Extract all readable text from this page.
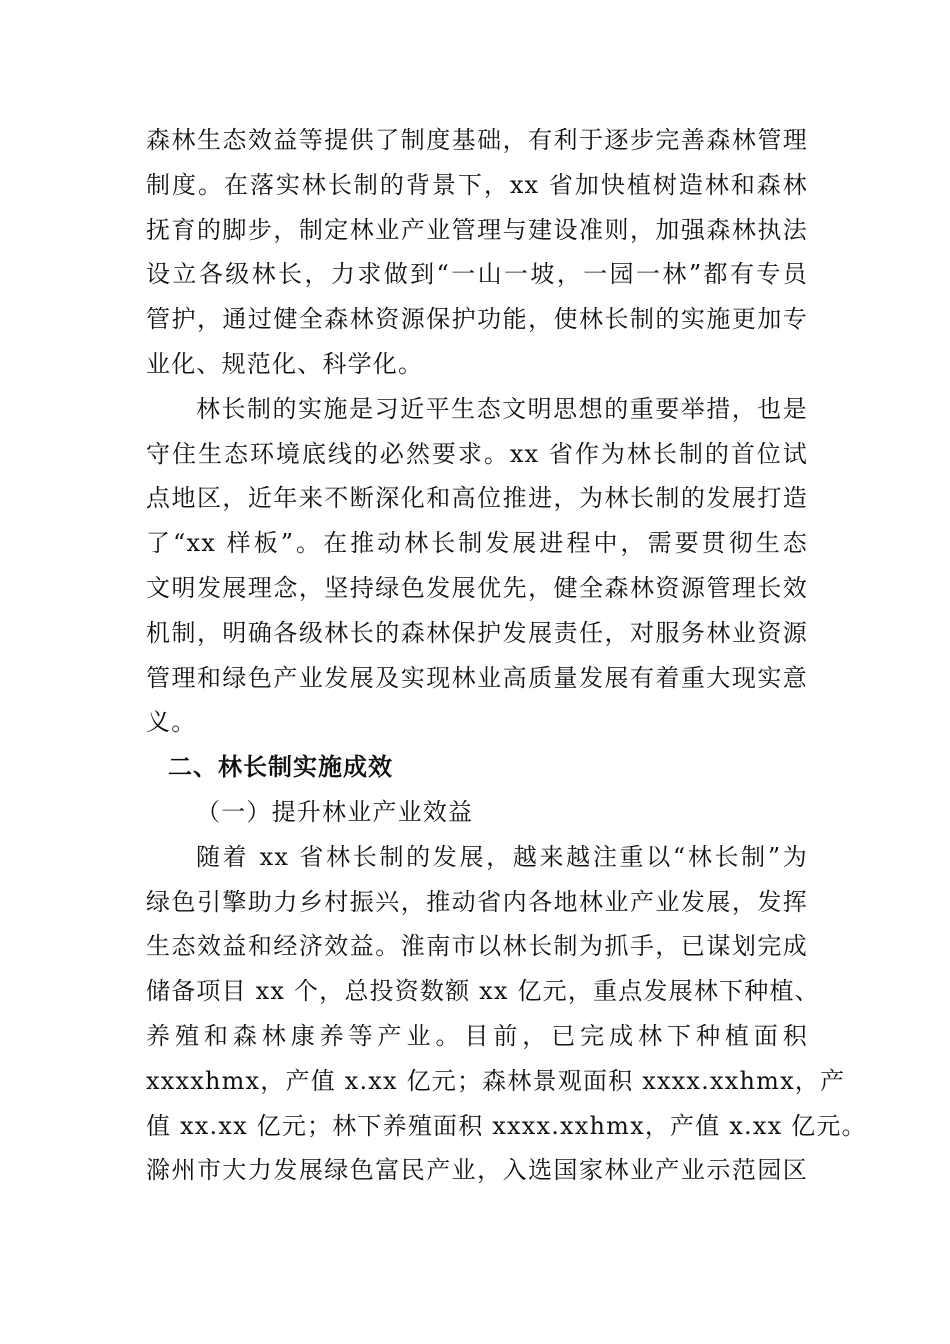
森林生态效益等提供了制度基础，有利于逐步完善森林管理
制度。在落实林长制的背景下，xx 省加快植树造林和森林
抚育的脚步，制定林业产业管理与建设准则，加强森林执法
设立各级林长，力求做到“一山一坡，一园一林”都有专员
管护，通过健全森林资源保护功能，使林长制的实施更加专
业化、规范化、科学化。
林长制的实施是习近平生态文明思想的重要举措，也是
守住生态环境底线的必然要求。xx 省作为林长制的首位试
点地区，近年来不断深化和高位推进，为林长制的发展打造
了“xx 样板”。在推动林长制发展进程中，需要贯彻生态
文明发展理念，坚持绿色发展优先，健全森林资源管理长效
机制，明确各级林长的森林保护发展责任，对服务林业资源
管理和绿色产业发展及实现林业高质量发展有着重大现实意
义。
二、林长制实施成效
（一）提升林业产业效益
随着 xx 省林长制的发展，越来越注重以“林长制”为
绿色引擎助力乡村振兴，推动省内各地林业产业发展，发挥
生态效益和经济效益。淮南市以林长制为抓手，已谋划完成
储备项目 xx 个，总投资数额 xx 亿元，重点发展林下种植、
养殖和森林康养等产业。目前，已完成林下种植面积
xxxxhmx，产值 x.xx 亿元；森林景观面积 xxxx.xxhmx，产
值 xx.xx 亿元；林下养殖面积 xxxx.xxhmx，产值 x.xx 亿元。
滁州市大力发展绿色富民产业，入选国家林业产业示范园区
